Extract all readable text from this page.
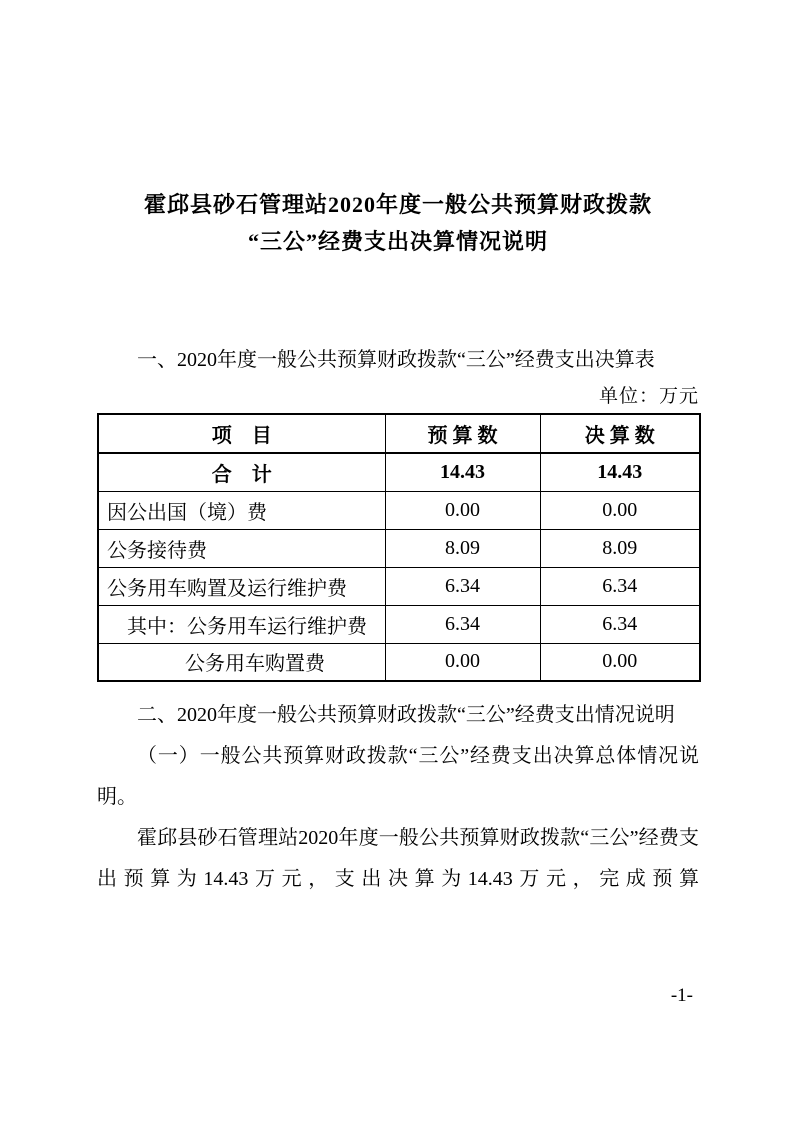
霍邱县砂石管理站2020年度一般公共预算财政拨款
“三公”经费支出决算情况说明

一、2020年度一般公共预算财政拨款“三公”经费支出决算表

单位：万元
项　目	预 算 数	决 算 数
合　计	14.43	14.43
因公出国（境）费	0.00	0.00
公务接待费	8.09	8.09
公务用车购置及运行维护费	6.34	6.34
其中：公务用车运行维护费	6.34	6.34
公务用车购置费	0.00	0.00

二、2020年度一般公共预算财政拨款“三公”经费支出情况说明

（一）一般公共预算财政拨款“三公”经费支出决算总体情况说明。

霍邱县砂石管理站2020年度一般公共预算财政拨款“三公”经费支出预算为14.43万元，支出决算为14.43万元，完成预算

-1-
